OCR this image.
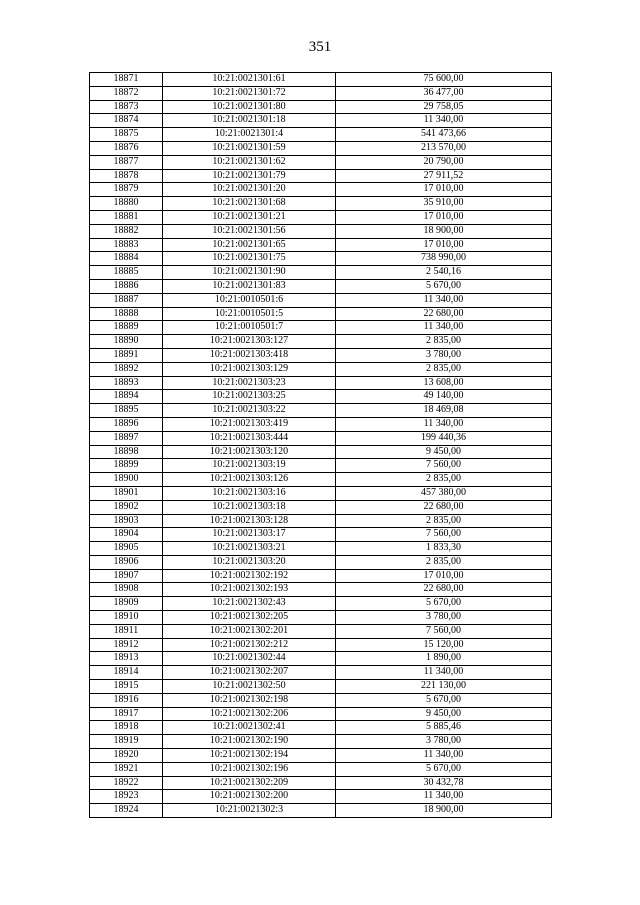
351
18871	10:21:0021301:61	75 600,00
18872	10:21:0021301:72	36 477,00
18873	10:21:0021301:80	29 758,05
18874	10:21:0021301:18	11 340,00
18875	10:21:0021301:4	541 473,66
18876	10:21:0021301:59	213 570,00
18877	10:21:0021301:62	20 790,00
18878	10:21:0021301:79	27 911,52
18879	10:21:0021301:20	17 010,00
18880	10:21:0021301:68	35 910,00
18881	10:21:0021301:21	17 010,00
18882	10:21:0021301:56	18 900,00
18883	10:21:0021301:65	17 010,00
18884	10:21:0021301:75	738 990,00
18885	10:21:0021301:90	2 540,16
18886	10:21:0021301:83	5 670,00
18887	10:21:0010501:6	11 340,00
18888	10:21:0010501:5	22 680,00
18889	10:21:0010501:7	11 340,00
18890	10:21:0021303:127	2 835,00
18891	10:21:0021303:418	3 780,00
18892	10:21:0021303:129	2 835,00
18893	10:21:0021303:23	13 608,00
18894	10:21:0021303:25	49 140,00
18895	10:21:0021303:22	18 469,08
18896	10:21:0021303:419	11 340,00
18897	10:21:0021303:444	199 440,36
18898	10:21:0021303:120	9 450,00
18899	10:21:0021303:19	7 560,00
18900	10:21:0021303:126	2 835,00
18901	10:21:0021303:16	457 380,00
18902	10:21:0021303:18	22 680,00
18903	10:21:0021303:128	2 835,00
18904	10:21:0021303:17	7 560,00
18905	10:21:0021303:21	1 833,30
18906	10:21:0021303:20	2 835,00
18907	10:21:0021302:192	17 010,00
18908	10:21:0021302:193	22 680,00
18909	10:21:0021302:43	5 670,00
18910	10:21:0021302:205	3 780,00
18911	10:21:0021302:201	7 560,00
18912	10:21:0021302:212	15 120,00
18913	10:21:0021302:44	1 890,00
18914	10:21:0021302:207	11 340,00
18915	10:21:0021302:50	221 130,00
18916	10:21:0021302:198	5 670,00
18917	10:21:0021302:206	9 450,00
18918	10:21:0021302:41	5 885,46
18919	10:21:0021302:190	3 780,00
18920	10:21:0021302:194	11 340,00
18921	10:21:0021302:196	5 670,00
18922	10:21:0021302:209	30 432,78
18923	10:21:0021302:200	11 340,00
18924	10:21:0021302:3	18 900,00
